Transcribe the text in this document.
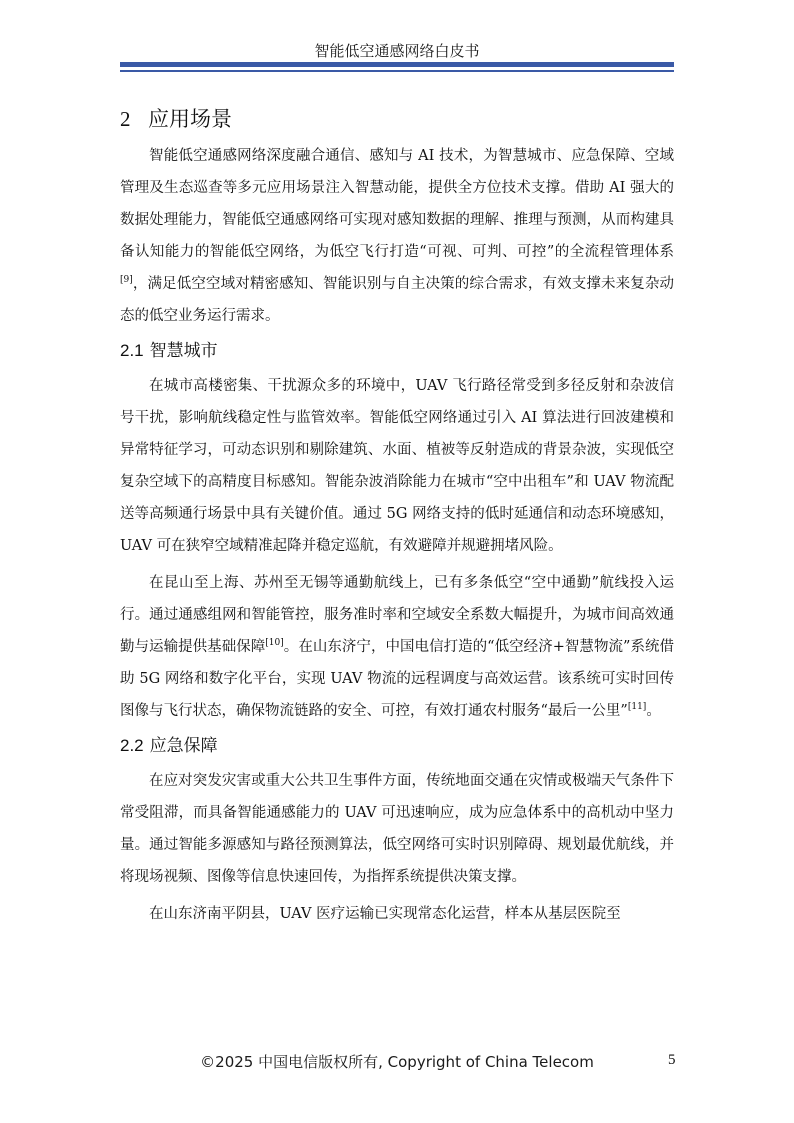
智能低空通感网络白皮书
2 应用场景

智能低空通感网络深度融合通信、感知与 AI 技术，为智慧城市、应急保障、空域管理及生态巡查等多元应用场景注入智慧动能，提供全方位技术支撑。借助 AI 强大的数据处理能力，智能低空通感网络可实现对感知数据的理解、推理与预测，从而构建具备认知能力的智能低空网络，为低空飞行打造“可视、可判、可控”的全流程管理体系[9]，满足低空空域对精密感知、智能识别与自主决策的综合需求，有效支撑未来复杂动态的低空业务运行需求。

2.1 智慧城市

在城市高楼密集、干扰源众多的环境中，UAV 飞行路径常受到多径反射和杂波信号干扰，影响航线稳定性与监管效率。智能低空网络通过引入 AI 算法进行回波建模和异常特征学习，可动态识别和剔除建筑、水面、植被等反射造成的背景杂波，实现低空复杂空域下的高精度目标感知。智能杂波消除能力在城市“空中出租车”和 UAV 物流配送等高频通行场景中具有关键价值。通过 5G 网络支持的低时延通信和动态环境感知，UAV 可在狭窄空域精准起降并稳定巡航，有效避障并规避拥堵风险。

在昆山至上海、苏州至无锡等通勤航线上，已有多条低空“空中通勤”航线投入运行。通过通感组网和智能管控，服务准时率和空域安全系数大幅提升，为城市间高效通勤与运输提供基础保障[10]。在山东济宁，中国电信打造的“低空经济+智慧物流”系统借助 5G 网络和数字化平台，实现 UAV 物流的远程调度与高效运营。该系统可实时回传图像与飞行状态，确保物流链路的安全、可控，有效打通农村服务“最后一公里”[11]。

2.2 应急保障

在应对突发灾害或重大公共卫生事件方面，传统地面交通在灾情或极端天气条件下常受阻滞，而具备智能通感能力的 UAV 可迅速响应，成为应急体系中的高机动中坚力量。通过智能多源感知与路径预测算法，低空网络可实时识别障碍、规划最优航线，并将现场视频、图像等信息快速回传，为指挥系统提供决策支撑。

在山东济南平阴县，UAV 医疗运输已实现常态化运营，样本从基层医院至

©2025 中国电信版权所有, Copyright of China Telecom	5
